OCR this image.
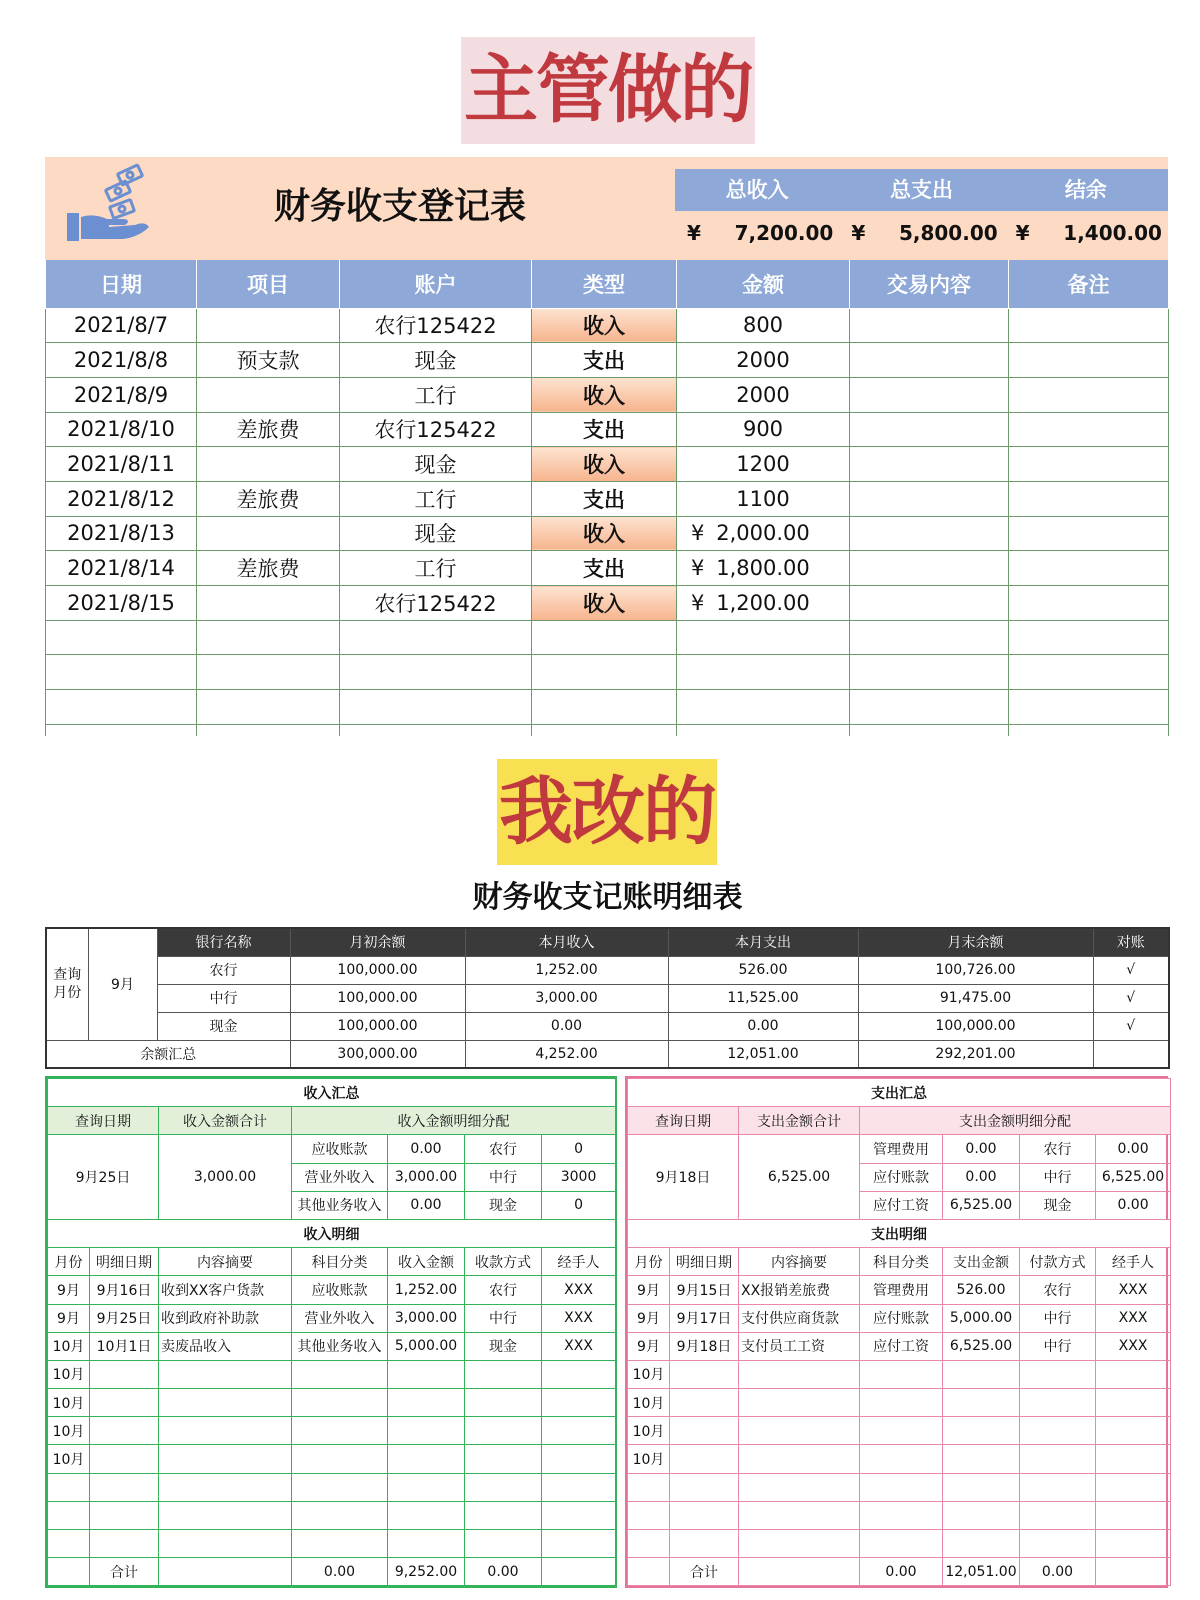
主管做的
财务收支登记表	总收入	总支出	结余
¥ 7,200.00 ¥ 5,800.00 ¥ 1,400.00
日期	项目	账户	类型	金额	交易内容	备注
2021/8/7		农行125422	收入	800		
2021/8/8	预支款	现金	支出	2000		
2021/8/9		工行	收入	2000		
2021/8/10	差旅费	农行125422	支出	900		
2021/8/11		现金	收入	1200		
2021/8/12	差旅费	工行	支出	1100		
2021/8/13		现金	收入	¥ 2,000.00		
2021/8/14	差旅费	工行	支出	¥ 1,800.00		
2021/8/15		农行125422	收入	¥ 1,200.00		

我改的
财务收支记账明细表
查询
月份	9月	银行名称	月初余额	本月收入	本月支出	月末余额	对账
		农行	100,000.00	1,252.00	526.00	100,726.00	√
		中行	100,000.00	3,000.00	11,525.00	91,475.00	√
		现金	100,000.00	0.00	0.00	100,000.00	√
余额汇总			300,000.00	4,252.00	12,051.00	292,201.00	
收入汇总						
查询日期		收入金额合计	收入金额明细分配			
9月25日		3,000.00	应收账款	0.00	农行	0
			营业外收入	3,000.00	中行	3000
			其他业务收入	0.00	现金	0
收入明细						
月份	明细日期	内容摘要	科目分类	收入金额	收款方式	经手人
9月	9月16日	收到XX客户货款	应收账款	1,252.00	农行	XXX
9月	9月25日	收到政府补助款	营业外收入	3,000.00	中行	XXX
10月	10月1日	卖废品收入	其他业务收入	5,000.00	现金	XXX
10月						
10月						
10月						
10月						

	合计		0.00	9,252.00	0.00	
支出汇总						
查询日期		支出金额合计	支出金额明细分配			
9月18日		6,525.00	管理费用	0.00	农行	0.00
			应付账款	0.00	中行	6,525.00
			应付工资	6,525.00	现金	0.00
支出明细						
月份	明细日期	内容摘要	科目分类	支出金额	付款方式	经手人
9月	9月15日	XX报销差旅费	管理费用	526.00	农行	XXX
9月	9月17日	支付供应商货款	应付账款	5,000.00	中行	XXX
9月	9月18日	支付员工工资	应付工资	6,525.00	中行	XXX
10月						
10月						
10月						
10月						

	合计		0.00	12,051.00	0.00	
